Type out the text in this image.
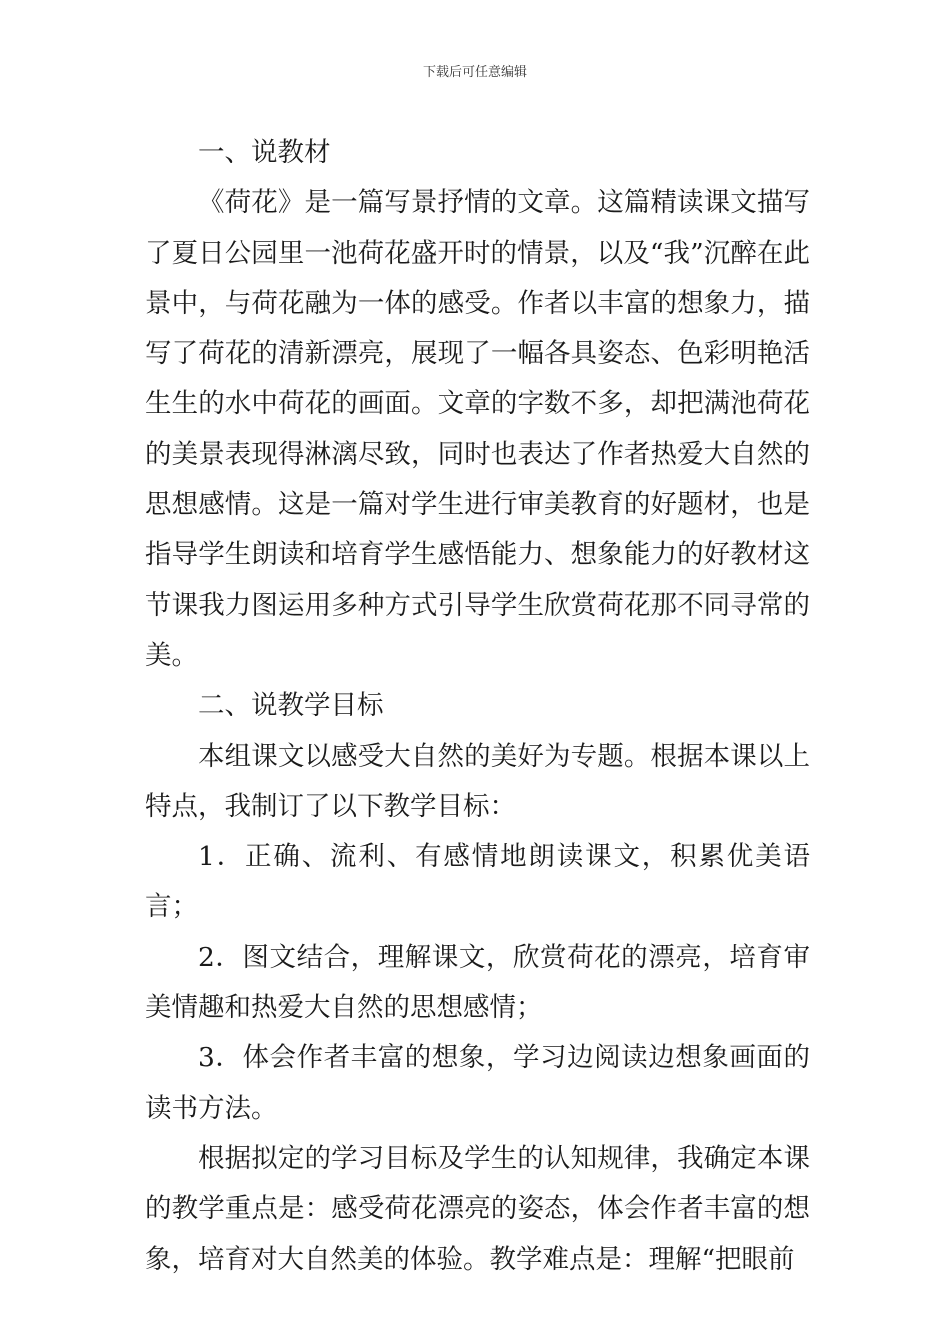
下载后可任意编辑

一、说教材

《荷花》是一篇写景抒情的文章。这篇精读课文描写了夏日公园里一池荷花盛开时的情景，以及“我”沉醉在此景中，与荷花融为一体的感受。作者以丰富的想象力，描写了荷花的清新漂亮，展现了一幅各具姿态、色彩明艳活生生的水中荷花的画面。文章的字数不多，却把满池荷花的美景表现得淋漓尽致，同时也表达了作者热爱大自然的思想感情。这是一篇对学生进行审美教育的好题材，也是指导学生朗读和培育学生感悟能力、想象能力的好教材这节课我力图运用多种方式引导学生欣赏荷花那不同寻常的美。

二、说教学目标

本组课文以感受大自然的美好为专题。根据本课以上特点，我制订了以下教学目标：

1．正确、流利、有感情地朗读课文，积累优美语言；

2．图文结合，理解课文，欣赏荷花的漂亮，培育审美情趣和热爱大自然的思想感情；

3．体会作者丰富的想象，学习边阅读边想象画面的读书方法。

根据拟定的学习目标及学生的认知规律，我确定本课的教学重点是：感受荷花漂亮的姿态，体会作者丰富的想象，培育对大自然美的体验。教学难点是：理解“把眼前
